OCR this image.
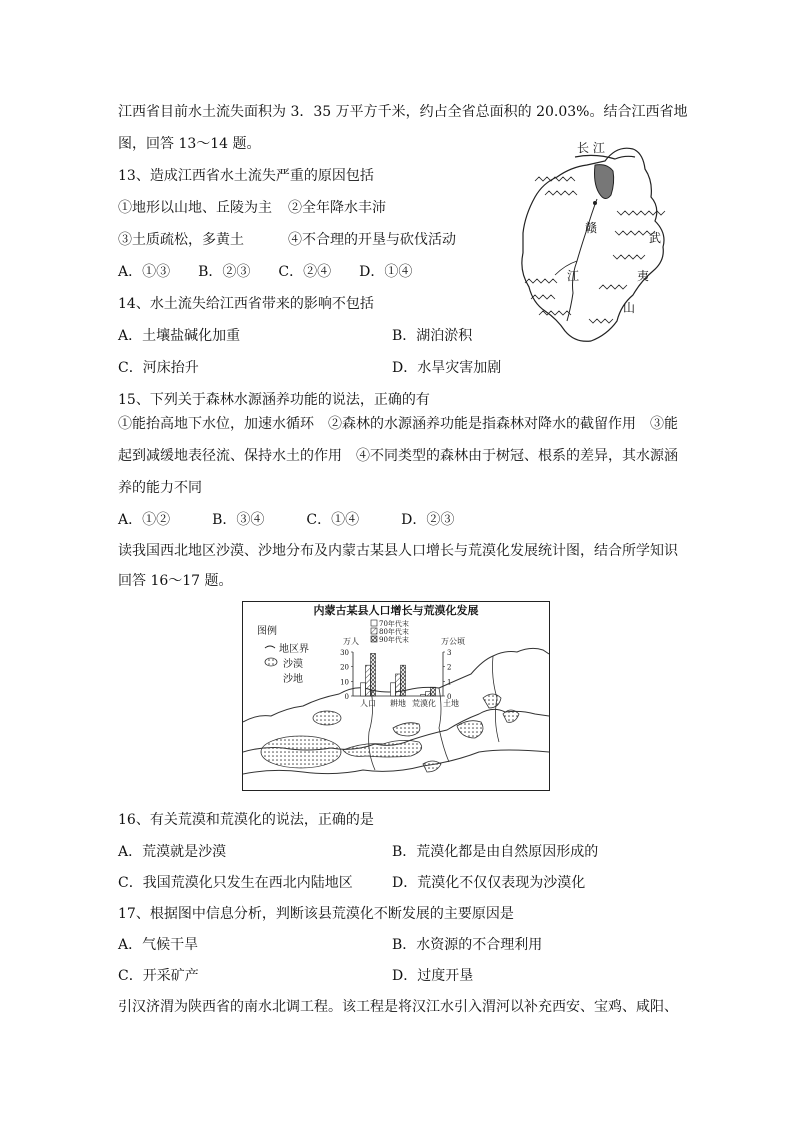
江西省目前水土流失面积为 3．35 万平方千米，约占全省总面积的 20.03%。结合江西省地
图，回答 13～14 题。
13、造成江西省水土流失严重的原因包括
①地形以山地、丘陵为主 ②全年降水丰沛
③土质疏松，多黄土	④不合理的开垦与砍伐活动
A．①③　　B．②③　　C．②④　　D．①④
14、水土流失给江西省带来的影响不包括
A．土壤盐碱化加重	B．湖泊淤积
C．河床抬升	D．水旱灾害加剧
长 江
赣
江
武
夷
山
15、下列关于森林水源涵养功能的说法，正确的有
①能抬高地下水位，加速水循环　②森林的水源涵养功能是指森林对降水的截留作用　③能
起到减缓地表径流、保持水土的作用　④不同类型的森林由于树冠、根系的差异，其水源涵
养的能力不同
A．①②　　　B．③④　　　C．①④　　　D．②③
读我国西北地区沙漠、沙地分布及内蒙古某县人口增长与荒漠化发展统计图，结合所学知识
回答 16～17 题。
内蒙古某县人口增长与荒漠化发展
图例
地区界
沙漠
沙地
70年代末
80年代末
90年代末
万人	万公顷
30
20
10
0
3
2
1
0
人口 耕地 荒漠化 土地
16、有关荒漠和荒漠化的说法，正确的是
A．荒漠就是沙漠	B．荒漠化都是由自然原因形成的
C．我国荒漠化只发生在西北内陆地区	D．荒漠化不仅仅表现为沙漠化
17、根据图中信息分析，判断该县荒漠化不断发展的主要原因是
A．气候干旱	B．水资源的不合理利用
C．开采矿产	D．过度开垦
引汉济渭为陕西省的南水北调工程。该工程是将汉江水引入渭河以补充西安、宝鸡、咸阳、
